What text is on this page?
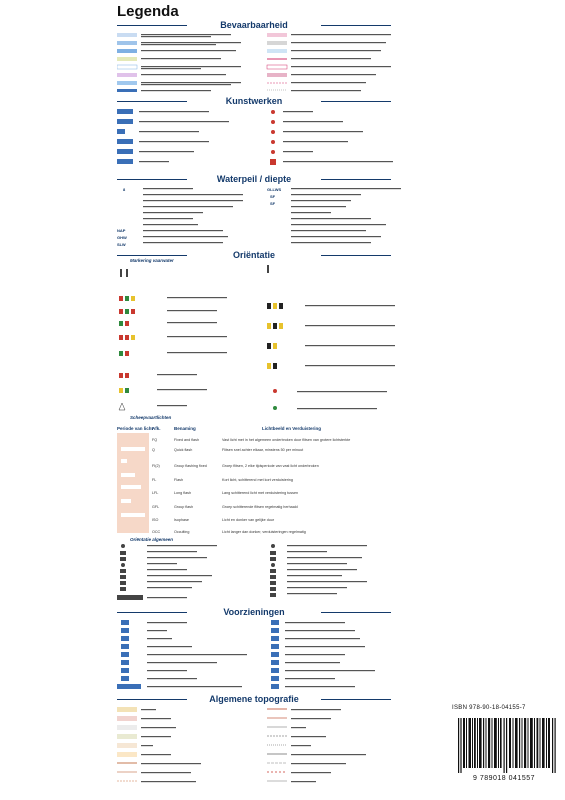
Legenda
Bevaarbaarheid
Kunstwerken
Waterpeil / diepte
Oriëntatie
Voorzieningen
Algemene topografie
8
NAP
GHW
SLW
GLLWS
SF
SF
Markering vaarwater
Scheepvaartlichten
Periode van licht
Afk.	Benaming	Lichtbeeld en Verduistering
FQ	Fixed and flash	Vast licht met in het algemeen onderbroken door flitsen van grotere lichtsterkte
Q	Quick flash	Flitsen snel achter elkaar, minstens 50 per minuut
FI(2)	Group flashing fixed	Groep flitsen, 2 elke tijdsperiode van vast licht onderbroken
FL	Flash	Kort licht, schitterend met kort verduistering
LFL	Long flash	Lang schitterend licht met verduistering tussen
GFL	Group flash	Groep schitterende flitsen regelmatig herhaald
ISO	Isophase	Licht en donker van gelijke duur
OCC	Occulting	Licht langer dan donker, verduisteringen regelmatig
Oriëntatie algemeen
ISBN 978-90-18-04155-7
9 789018 041557
